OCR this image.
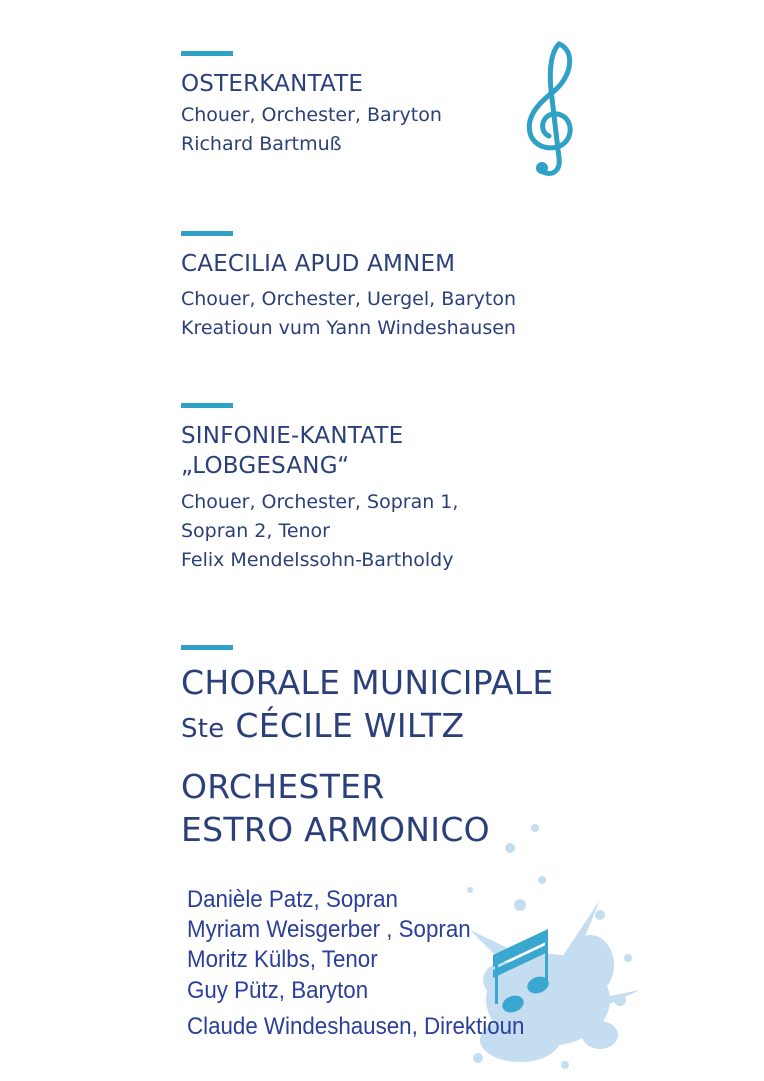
OSTERKANTATE
Chouer, Orchester, Baryton
Richard Bartmuß
CAECILIA APUD AMNEM
Chouer, Orchester, Uergel, Baryton
Kreatioun vum Yann Windeshausen
SINFONIE-KANTATE
„LOBGESANG“
Chouer, Orchester, Sopran 1,
Sopran 2, Tenor
Felix Mendelssohn-Bartholdy
CHORALE MUNICIPALE
Ste CÉCILE WILTZ
ORCHESTER
ESTRO ARMONICO
Danièle Patz, Sopran
Myriam Weisgerber , Sopran
Moritz Külbs, Tenor
Guy Pütz, Baryton
Claude Windeshausen, Direktioun
